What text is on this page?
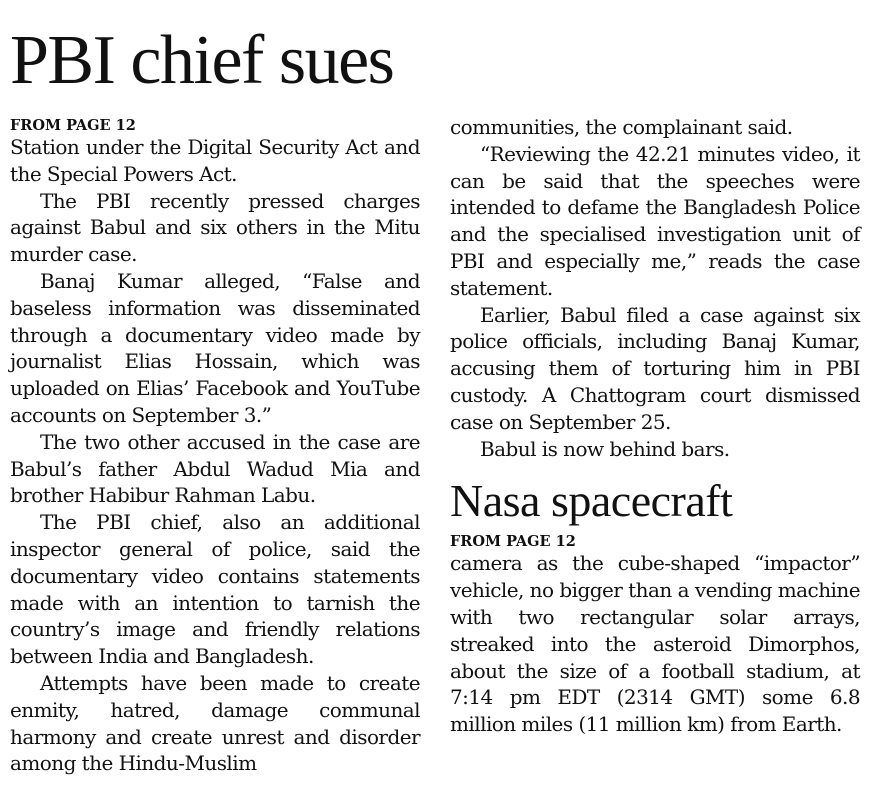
PBI chief sues
FROM PAGE 12

Station under the Digital Security Act and the Special Powers Act.

The PBI recently pressed charges against Babul and six others in the Mitu murder case.

Banaj Kumar alleged, “False and baseless information was disseminated through a documentary video made by journalist Elias Hossain, which was uploaded on Elias’ Facebook and YouTube accounts on September 3.”

The two other accused in the case are Babul’s father Abdul Wadud Mia and brother Habibur Rahman Labu.

The PBI chief, also an additional inspector general of police, said the documentary video contains statements made with an intention to tarnish the country’s image and friendly relations between India and Bangladesh.

Attempts have been made to create enmity, hatred, damage communal harmony and create unrest and disorder among the Hindu-Muslim

communities, the complainant said.

“Reviewing the 42.21 minutes video, it can be said that the speeches were intended to defame the Bangladesh Police and the specialised investigation unit of PBI and especially me,” reads the case statement.

Earlier, Babul filed a case against six police officials, including Banaj Kumar, accusing them of torturing him in PBI custody. A Chattogram court dismissed case on September 25.

Babul is now behind bars.

Nasa spacecraft
FROM PAGE 12

camera as the cube-shaped “impactor” vehicle, no bigger than a vending machine with two rectangular solar arrays, streaked into the asteroid Dimorphos, about the size of a football stadium, at 7:14 pm EDT (2314 GMT) some 6.8 million miles (11 million km) from Earth.
